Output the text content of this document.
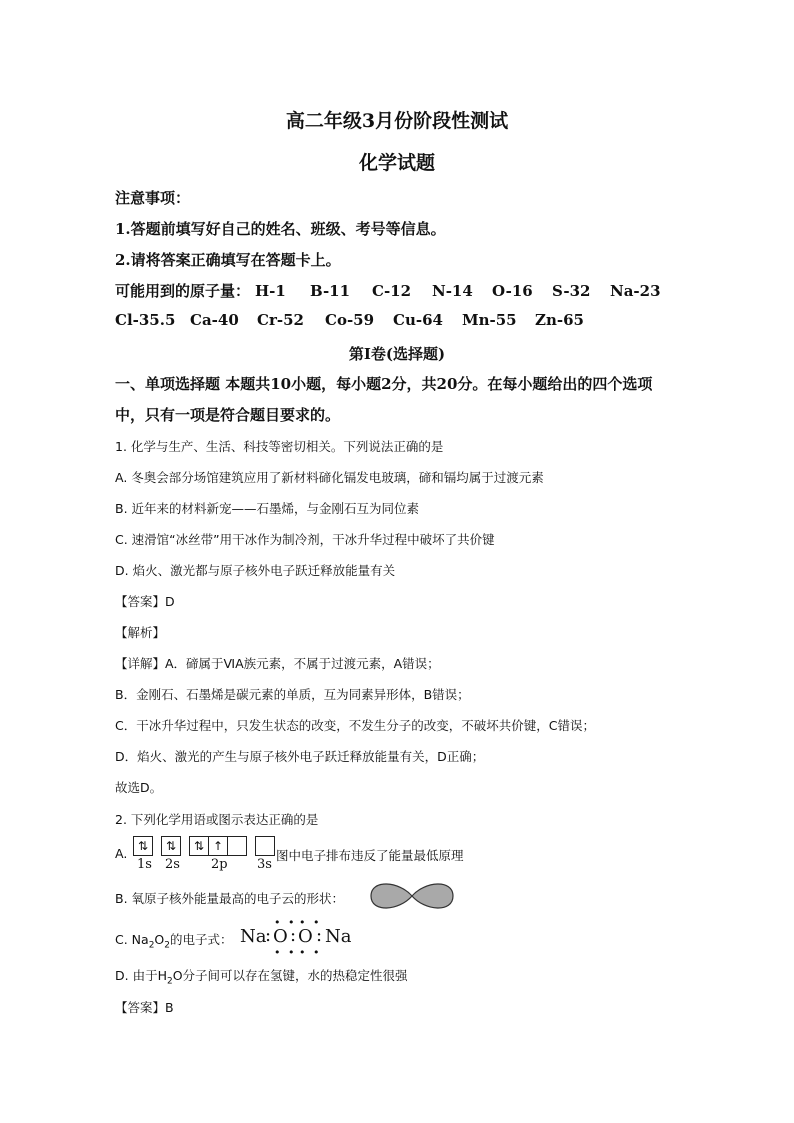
高二年级3月份阶段性测试
化学试题
注意事项：
1.答题前填写好自己的姓名、班级、考号等信息。
2.请将答案正确填写在答题卡上。
可能用到的原子量： H-1 B-11 C-12 N-14 O-16 S-32 Na-23
Cl-35.5 Ca-40 Cr-52 Co-59 Cu-64 Mn-55 Zn-65
第I卷(选择题)
一、单项选择题 本题共10小题，每小题2分，共20分。在每小题给出的四个选项
中，只有一项是符合题目要求的。
1. 化学与生产、生活、科技等密切相关。下列说法正确的是
A. 冬奥会部分场馆建筑应用了新材料碲化镉发电玻璃，碲和镉均属于过渡元素
B. 近年来的材料新宠——石墨烯，与金刚石互为同位素
C. 速滑馆“冰丝带”用干冰作为制冷剂，干冰升华过程中破坏了共价键
D. 焰火、激光都与原子核外电子跃迁释放能量有关
【答案】D
【解析】
【详解】A．碲属于ⅥA族元素，不属于过渡元素，A错误；
B．金刚石、石墨烯是碳元素的单质，互为同素异形体，B错误；
C．干冰升华过程中，只发生状态的改变，不发生分子的改变，不破坏共价键，C错误；
D．焰火、激光的产生与原子核外电子跃迁释放能量有关，D正确；
故选D。
2. 下列化学用语或图示表达正确的是
A. ⇅	⇅	⇅ ↑
1s 2s 2p 3s
图中电子排布违反了能量最低原理
B. 氧原子核外能量最高的电子云的形状：
C. $Na_2O_2$的电子式： Na
: O : O : Na
• • • •
• • • •
D. 由于$H_2O$分子间可以存在氢键，水的热稳定性很强
【答案】B
